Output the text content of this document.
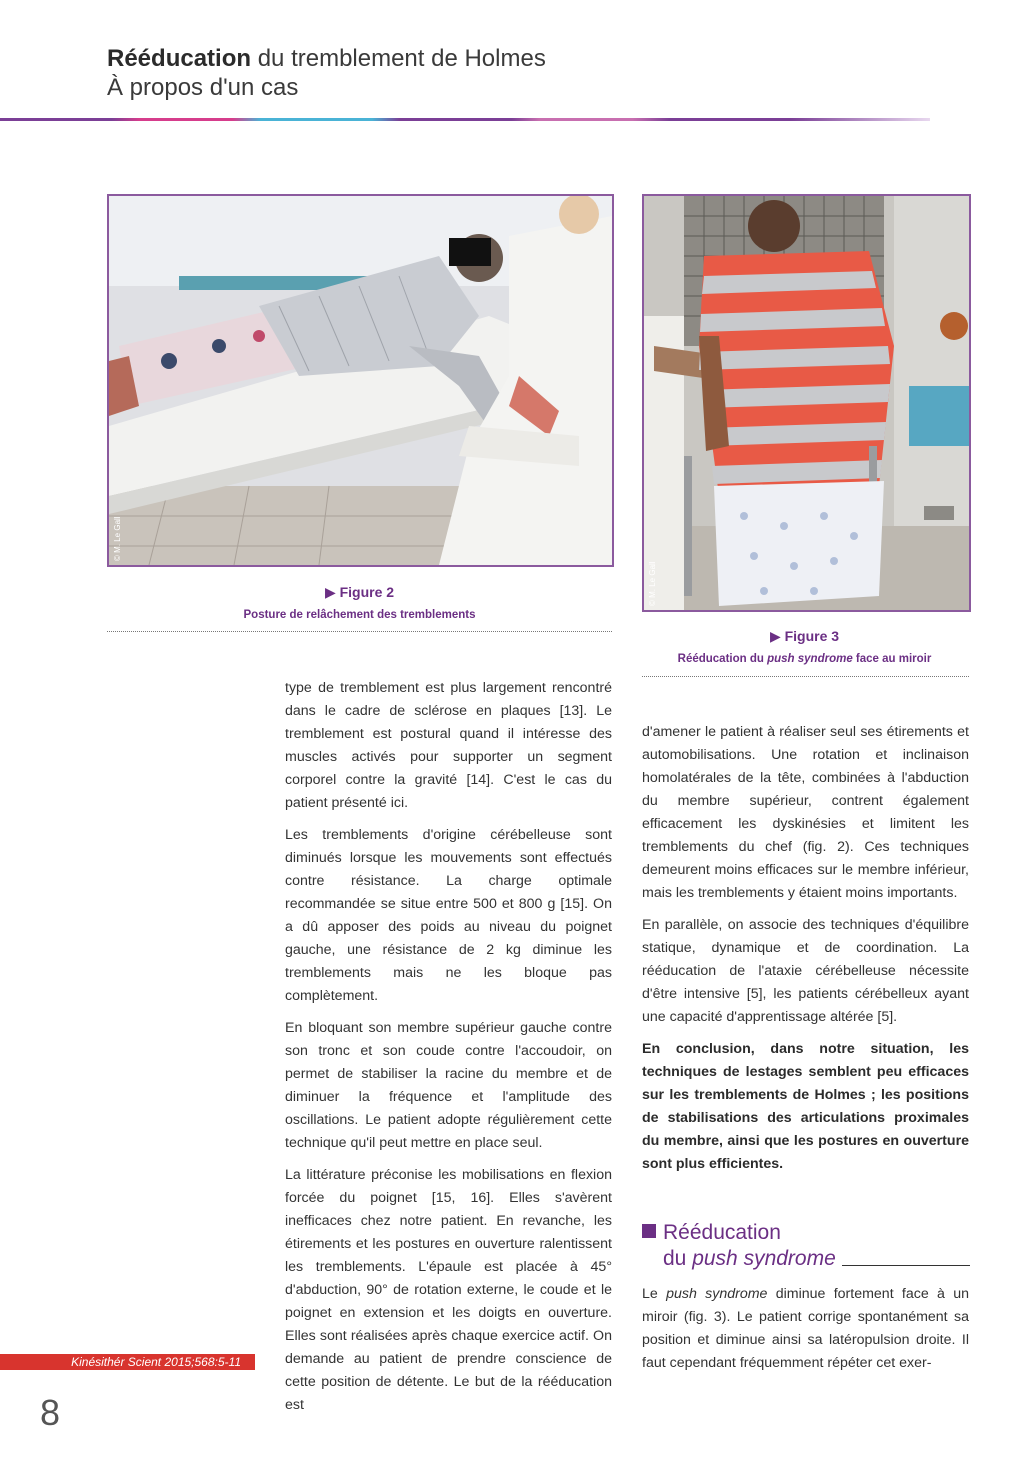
Rééducation du tremblement de Holmes
À propos d'un cas
© M. Le Gall
▶ Figure 2
Posture de relâchement des tremblements
© M. Le Gall
▶ Figure 3
Rééducation du push syndrome face au miroir

type de tremblement est plus largement rencontré dans le cadre de sclérose en plaques [13]. Le tremblement est postural quand il intéresse des muscles activés pour supporter un segment corporel contre la gravité [14]. C'est le cas du patient présenté ici.

Les tremblements d'origine cérébelleuse sont diminués lorsque les mouvements sont effectués contre résistance. La charge optimale recommandée se situe entre 500 et 800 g [15]. On a dû apposer des poids au niveau du poignet gauche, une résistance de 2 kg diminue les tremblements mais ne les bloque pas complètement.

En bloquant son membre supérieur gauche contre son tronc et son coude contre l'accoudoir, on permet de stabiliser la racine du membre et de diminuer la fréquence et l'amplitude des oscillations. Le patient adopte régulièrement cette technique qu'il peut mettre en place seul.

La littérature préconise les mobilisations en flexion forcée du poignet [15, 16]. Elles s'avèrent inefficaces chez notre patient. En revanche, les étirements et les postures en ouverture ralentissent les tremblements. L'épaule est placée à 45° d'abduction, 90° de rotation externe, le coude et le poignet en extension et les doigts en ouverture. Elles sont réalisées après chaque exercice actif. On demande au patient de prendre conscience de cette position de détente. Le but de la rééducation est

d'amener le patient à réaliser seul ses étirements et automobilisations. Une rotation et inclinaison homolatérales de la tête, combinées à l'abduction du membre supérieur, contrent également efficacement les dyskinésies et limitent les tremblements du chef (fig. 2). Ces techniques demeurent moins efficaces sur le membre inférieur, mais les tremblements y étaient moins importants.

En parallèle, on associe des techniques d'équilibre statique, dynamique et de coordination. La rééducation de l'ataxie cérébelleuse nécessite d'être intensive [5], les patients cérébelleux ayant une capacité d'apprentissage altérée [5].

En conclusion, dans notre situation, les techniques de lestages semblent peu efficaces sur les tremblements de Holmes ; les positions de stabilisations des articulations proximales du membre, ainsi que les postures en ouverture sont plus efficientes.

Rééducation
du
push syndrome

Le push syndrome diminue fortement face à un miroir (fig. 3). Le patient corrige spontanément sa position et diminue ainsi sa latéropulsion droite. Il faut cependant fréquemment répéter cet exer-

Kinésithér Scient 2015;568:5-11
8
